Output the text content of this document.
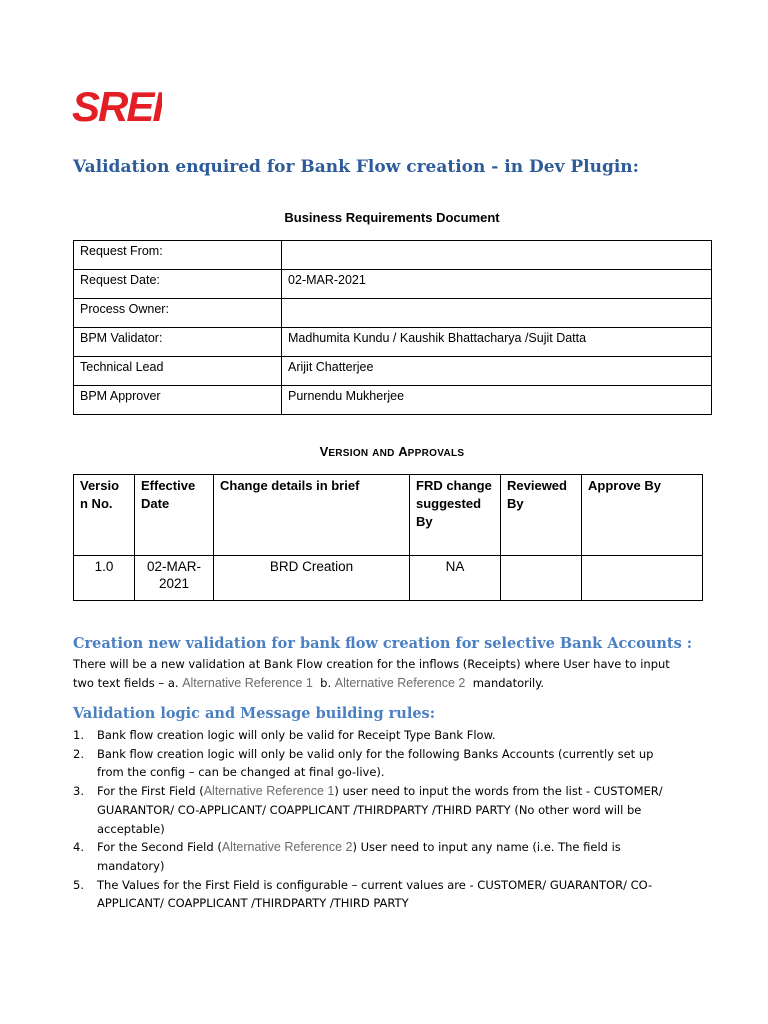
SREI
Validation enquired for Bank Flow creation - in Dev Plugin:
Business Requirements Document
Request From:	
Request Date:	02-MAR-2021
Process Owner:	
BPM Validator:	Madhumita Kundu / Kaushik Bhattacharya /Sujit Datta
Technical Lead	Arijit Chatterjee
BPM Approver	Purnendu Mukherjee
VERSION AND APPROVALS
Versio n No.	Effective Date	Change details in brief	FRD change suggested By	Reviewed By	Approve By
1.0	02-MAR-2021	BRD Creation	NA		
Creation new validation for bank flow creation for selective Bank Accounts :
There will be a new validation at Bank Flow creation for the inflows (Receipts) where User have to input two text fields – a. Alternative Reference 1  b. Alternative Reference 2  mandatorily.
Validation logic and Message building rules:
1. Bank flow creation logic will only be valid for Receipt Type Bank Flow.
2. Bank flow creation logic will only be valid only for the following Banks Accounts (currently set up from the config – can be changed at final go-live).
3. For the First Field (Alternative Reference 1) user need to input the words from the list - CUSTOMER/ GUARANTOR/ CO-APPLICANT/ COAPPLICANT /THIRDPARTY /THIRD PARTY (No other word will be acceptable)
4. For the Second Field (Alternative Reference 2) User need to input any name (i.e. The field is mandatory)
5. The Values for the First Field is configurable – current values are - CUSTOMER/ GUARANTOR/ CO-APPLICANT/ COAPPLICANT /THIRDPARTY /THIRD PARTY
